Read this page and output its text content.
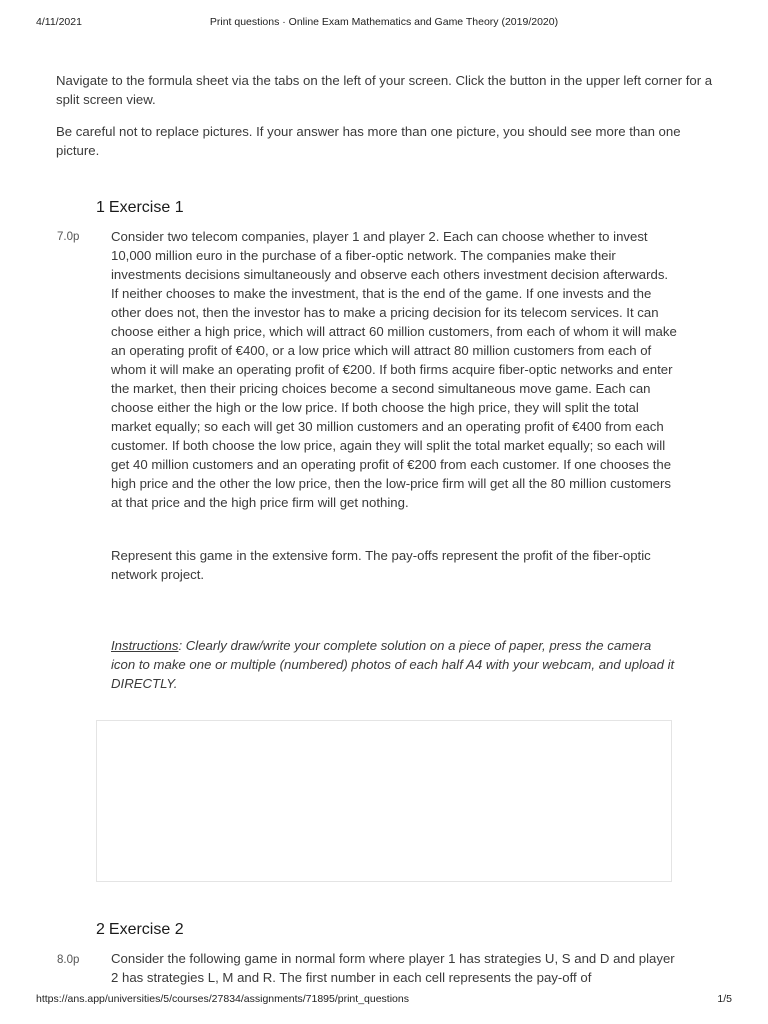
4/11/2021	Print questions · Online Exam Mathematics and Game Theory (2019/2020)

Navigate to the formula sheet via the tabs on the left of your screen. Click the button in the upper left corner for a split screen view.

Be careful not to replace pictures. If your answer has more than one picture, you should see more than one picture.

1 Exercise 1
7.0p Consider two telecom companies, player 1 and player 2. Each can choose whether to invest 10,000 million euro in the purchase of a fiber-optic network. The companies make their investments decisions simultaneously and observe each others investment decision afterwards. If neither chooses to make the investment, that is the end of the game. If one invests and the other does not, then the investor has to make a pricing decision for its telecom services. It can choose either a high price, which will attract 60 million customers, from each of whom it will make an operating profit of €400, or a low price which will attract 80 million customers from each of whom it will make an operating profit of €200. If both firms acquire fiber-optic networks and enter the market, then their pricing choices become a second simultaneous move game. Each can choose either the high or the low price. If both choose the high price, they will split the total market equally; so each will get 30 million customers and an operating profit of €400 from each customer. If both choose the low price, again they will split the total market equally; so each will get 40 million customers and an operating profit of €200 from each customer. If one chooses the high price and the other the low price, then the low-price firm will get all the 80 million customers at that price and the high price firm will get nothing.

Represent this game in the extensive form. The pay-offs represent the profit of the fiber-optic network project.

Instructions: Clearly draw/write your complete solution on a piece of paper, press the camera icon to make one or multiple (numbered) photos of each half A4 with your webcam, and upload it DIRECTLY.

2 Exercise 2
8.0p Consider the following game in normal form where player 1 has strategies U, S and D and player 2 has strategies L, M and R. The first number in each cell represents the pay-off of

https://ans.app/universities/5/courses/27834/assignments/71895/print_questions	1/5
